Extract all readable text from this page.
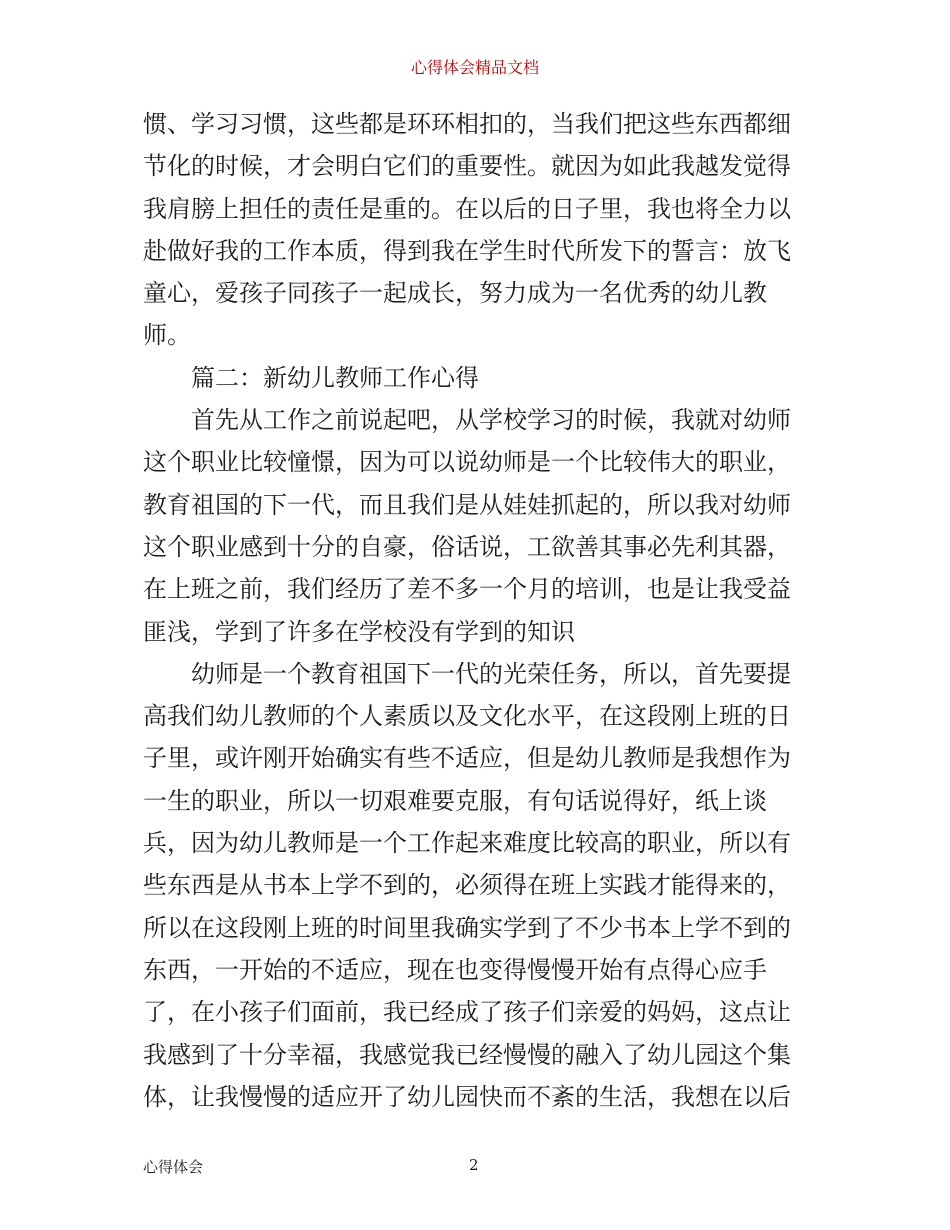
心得体会精品文档

惯、学习习惯，这些都是环环相扣的，当我们把这些东西都细

节化的时候，才会明白它们的重要性。就因为如此我越发觉得

我肩膀上担任的责任是重的。在以后的日子里，我也将全力以

赴做好我的工作本质，得到我在学生时代所发下的誓言：放飞

童心，爱孩子同孩子一起成长，努力成为一名优秀的幼儿教

师。

篇二：新幼儿教师工作心得

首先从工作之前说起吧，从学校学习的时候，我就对幼师

这个职业比较憧憬，因为可以说幼师是一个比较伟大的职业，

教育祖国的下一代，而且我们是从娃娃抓起的，所以我对幼师

这个职业感到十分的自豪，俗话说，工欲善其事必先利其器，

在上班之前，我们经历了差不多一个月的培训，也是让我受益

匪浅，学到了许多在学校没有学到的知识

幼师是一个教育祖国下一代的光荣任务，所以，首先要提

高我们幼儿教师的个人素质以及文化水平，在这段刚上班的日

子里，或许刚开始确实有些不适应，但是幼儿教师是我想作为

一生的职业，所以一切艰难要克服，有句话说得好，纸上谈

兵，因为幼儿教师是一个工作起来难度比较高的职业，所以有

些东西是从书本上学不到的，必须得在班上实践才能得来的，

所以在这段刚上班的时间里我确实学到了不少书本上学不到的

东西，一开始的不适应，现在也变得慢慢开始有点得心应手

了，在小孩子们面前，我已经成了孩子们亲爱的妈妈，这点让

我感到了十分幸福，我感觉我已经慢慢的融入了幼儿园这个集

体，让我慢慢的适应开了幼儿园快而不紊的生活，我想在以后

心得体会	2
